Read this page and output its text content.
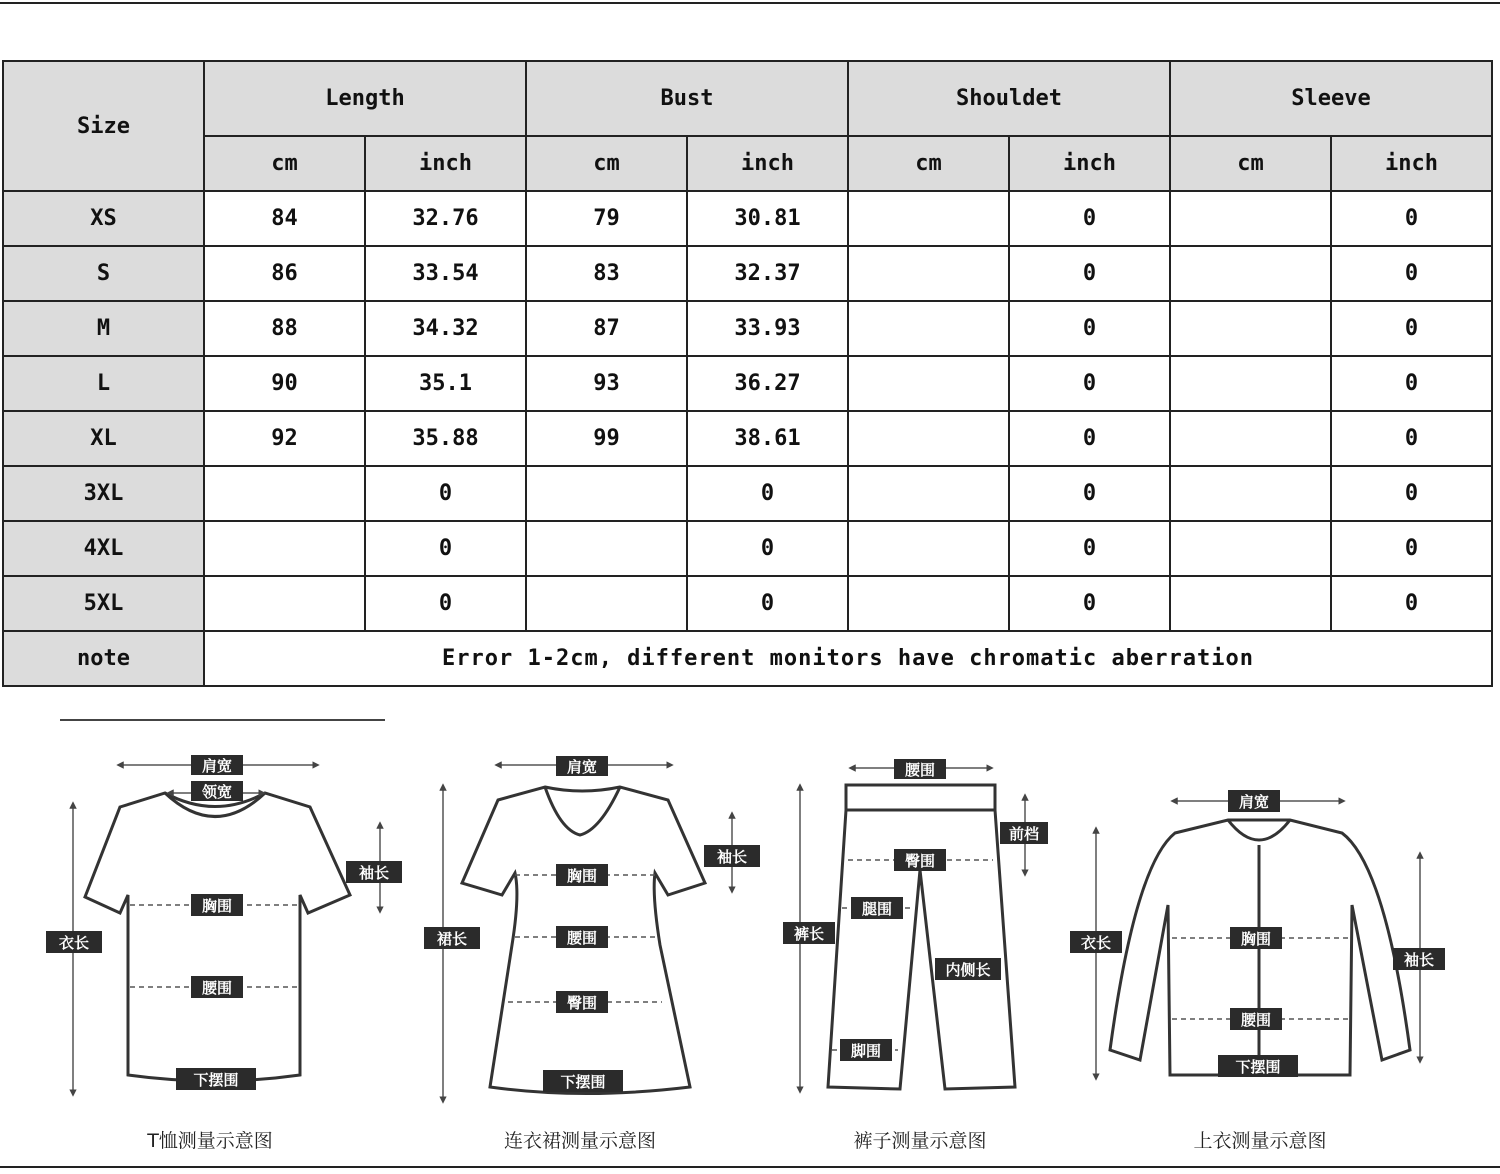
Size	Length		Bust		Shouldet		Sleeve	
	cm	inch	cm	inch	cm	inch	cm	inch
XS	84	32.76	79	30.81		0		0
S	86	33.54	83	32.37		0		0
M	88	34.32	87	33.93		0		0
L	90	35.1	93	36.27		0		0
XL	92	35.88	99	38.61		0		0
3XL		0		0		0		0
4XL		0		0		0		0
5XL		0		0		0		0
note	Error 1-2cm, different monitors have chromatic aberration							
肩宽
领宽
袖长
胸围
衣长
腰围
下摆围
肩宽
袖长
胸围
裙长	腰围
臀围
下摆围
腰围
前档
臀围
腿围
裤长
内侧长
脚围
肩宽
衣长	胸围
袖长
腰围
下摆围
T恤测量示意图	连衣裙测量示意图	裤子测量示意图	上衣测量示意图
